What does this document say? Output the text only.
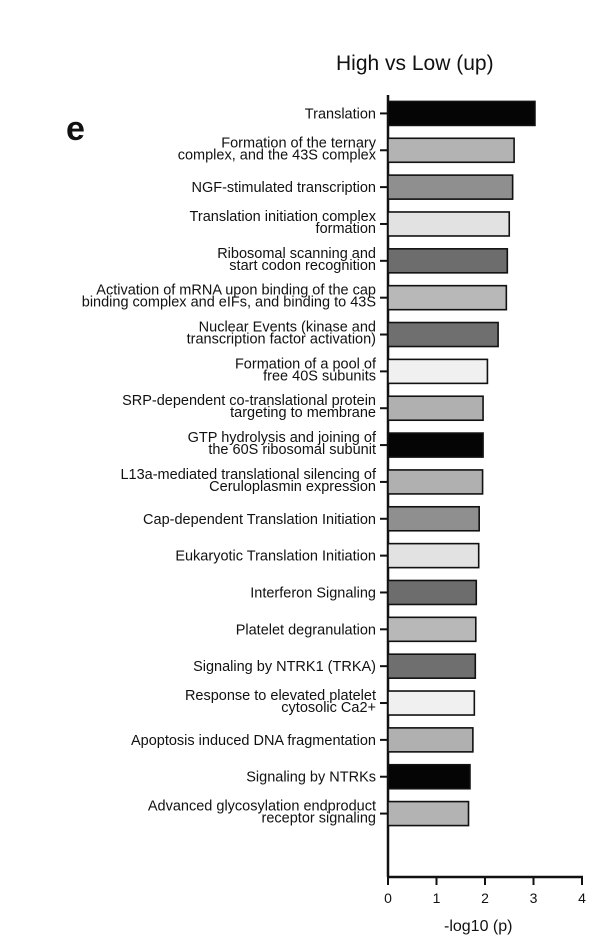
e
High vs Low (up)
0	1	2	3	4
Translation
Formation of the ternary complex, and the 43S complex
NGF-stimulated transcription
Translation initiation complex formation
Ribosomal scanning and start codon recognition
Activation of mRNA upon binding of the cap binding complex and eIFs, and binding to 43S
Nuclear Events (kinase and transcription factor activation)
Formation of a pool of free 40S subunits
SRP-dependent co-translational protein targeting to membrane
GTP hydrolysis and joining of the 60S ribosomal subunit
L13a-mediated translational silencing of Ceruloplasmin expression
Cap-dependent Translation Initiation
Eukaryotic Translation Initiation
Interferon Signaling
Platelet degranulation
Signaling by NTRK1 (TRKA)
Response to elevated platelet cytosolic Ca2+
Apoptosis induced DNA fragmentation
Signaling by NTRKs
Advanced glycosylation endproduct receptor signaling
-log10 (p)
